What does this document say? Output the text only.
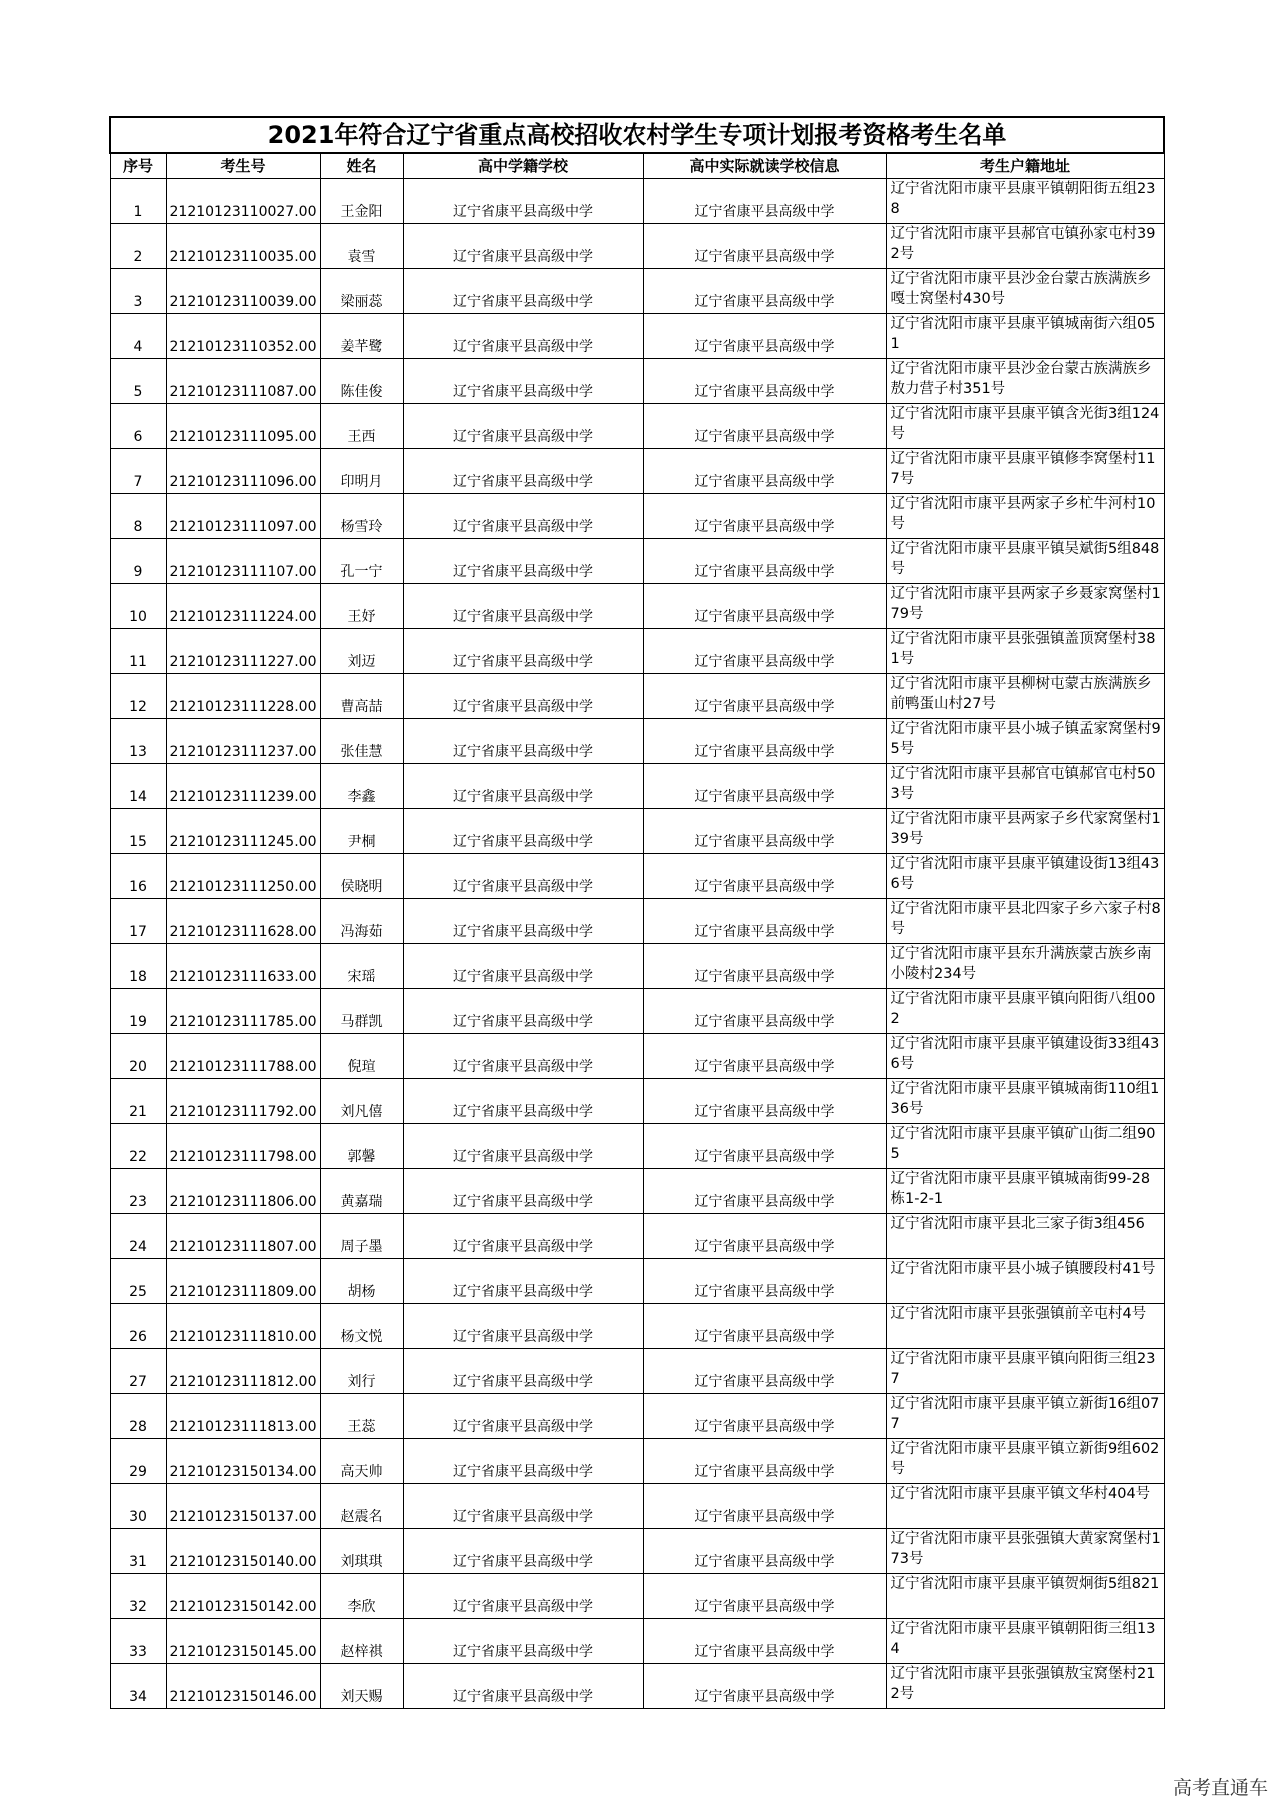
2021年符合辽宁省重点高校招收农村学生专项计划报考资格考生名单					
序号	考生号	姓名	高中学籍学校	高中实际就读学校信息	考生户籍地址
1	21210123110027.00	王金阳	辽宁省康平县高级中学	辽宁省康平县高级中学	辽宁省沈阳市康平县康平镇朝阳街五组238
2	21210123110035.00	袁雪	辽宁省康平县高级中学	辽宁省康平县高级中学	辽宁省沈阳市康平县郝官屯镇孙家屯村392号
3	21210123110039.00	梁丽蕊	辽宁省康平县高级中学	辽宁省康平县高级中学	辽宁省沈阳市康平县沙金台蒙古族满族乡嘎士窝堡村430号
4	21210123110352.00	姜芊鹭	辽宁省康平县高级中学	辽宁省康平县高级中学	辽宁省沈阳市康平县康平镇城南街六组051
5	21210123111087.00	陈佳俊	辽宁省康平县高级中学	辽宁省康平县高级中学	辽宁省沈阳市康平县沙金台蒙古族满族乡敖力营子村351号
6	21210123111095.00	王西	辽宁省康平县高级中学	辽宁省康平县高级中学	辽宁省沈阳市康平县康平镇含光街3组124号
7	21210123111096.00	印明月	辽宁省康平县高级中学	辽宁省康平县高级中学	辽宁省沈阳市康平县康平镇修李窝堡村117号
8	21210123111097.00	杨雪玲	辽宁省康平县高级中学	辽宁省康平县高级中学	辽宁省沈阳市康平县两家子乡杧牛河村10号
9	21210123111107.00	孔一宁	辽宁省康平县高级中学	辽宁省康平县高级中学	辽宁省沈阳市康平县康平镇吴斌街5组848号
10	21210123111224.00	王妤	辽宁省康平县高级中学	辽宁省康平县高级中学	辽宁省沈阳市康平县两家子乡聂家窝堡村179号
11	21210123111227.00	刘迈	辽宁省康平县高级中学	辽宁省康平县高级中学	辽宁省沈阳市康平县张强镇盖顶窝堡村381号
12	21210123111228.00	曹高喆	辽宁省康平县高级中学	辽宁省康平县高级中学	辽宁省沈阳市康平县柳树屯蒙古族满族乡前鸭蛋山村27号
13	21210123111237.00	张佳慧	辽宁省康平县高级中学	辽宁省康平县高级中学	辽宁省沈阳市康平县小城子镇孟家窝堡村95号
14	21210123111239.00	李鑫	辽宁省康平县高级中学	辽宁省康平县高级中学	辽宁省沈阳市康平县郝官屯镇郝官屯村503号
15	21210123111245.00	尹桐	辽宁省康平县高级中学	辽宁省康平县高级中学	辽宁省沈阳市康平县两家子乡代家窝堡村139号
16	21210123111250.00	侯晓明	辽宁省康平县高级中学	辽宁省康平县高级中学	辽宁省沈阳市康平县康平镇建设街13组436号
17	21210123111628.00	冯海茹	辽宁省康平县高级中学	辽宁省康平县高级中学	辽宁省沈阳市康平县北四家子乡六家子村8号
18	21210123111633.00	宋瑶	辽宁省康平县高级中学	辽宁省康平县高级中学	辽宁省沈阳市康平县东升满族蒙古族乡南小陵村234号
19	21210123111785.00	马群凯	辽宁省康平县高级中学	辽宁省康平县高级中学	辽宁省沈阳市康平县康平镇向阳街八组002
20	21210123111788.00	倪瑄	辽宁省康平县高级中学	辽宁省康平县高级中学	辽宁省沈阳市康平县康平镇建设街33组436号
21	21210123111792.00	刘凡僖	辽宁省康平县高级中学	辽宁省康平县高级中学	辽宁省沈阳市康平县康平镇城南街110组136号
22	21210123111798.00	郭馨	辽宁省康平县高级中学	辽宁省康平县高级中学	辽宁省沈阳市康平县康平镇矿山街二组905
23	21210123111806.00	黄嘉瑞	辽宁省康平县高级中学	辽宁省康平县高级中学	辽宁省沈阳市康平县康平镇城南街99-28栋1-2-1
24	21210123111807.00	周子墨	辽宁省康平县高级中学	辽宁省康平县高级中学	辽宁省沈阳市康平县北三家子街3组456
25	21210123111809.00	胡杨	辽宁省康平县高级中学	辽宁省康平县高级中学	辽宁省沈阳市康平县小城子镇腰段村41号
26	21210123111810.00	杨文悦	辽宁省康平县高级中学	辽宁省康平县高级中学	辽宁省沈阳市康平县张强镇前辛屯村4号
27	21210123111812.00	刘行	辽宁省康平县高级中学	辽宁省康平县高级中学	辽宁省沈阳市康平县康平镇向阳街三组237
28	21210123111813.00	王蕊	辽宁省康平县高级中学	辽宁省康平县高级中学	辽宁省沈阳市康平县康平镇立新街16组077
29	21210123150134.00	高天帅	辽宁省康平县高级中学	辽宁省康平县高级中学	辽宁省沈阳市康平县康平镇立新街9组602号
30	21210123150137.00	赵震名	辽宁省康平县高级中学	辽宁省康平县高级中学	辽宁省沈阳市康平县康平镇文华村404号
31	21210123150140.00	刘琪琪	辽宁省康平县高级中学	辽宁省康平县高级中学	辽宁省沈阳市康平县张强镇大黄家窝堡村173号
32	21210123150142.00	李欣	辽宁省康平县高级中学	辽宁省康平县高级中学	辽宁省沈阳市康平县康平镇贺炯街5组821
33	21210123150145.00	赵梓祺	辽宁省康平县高级中学	辽宁省康平县高级中学	辽宁省沈阳市康平县康平镇朝阳街三组134
34	21210123150146.00	刘天赐	辽宁省康平县高级中学	辽宁省康平县高级中学	辽宁省沈阳市康平县张强镇敖宝窝堡村212号
高考直通车
